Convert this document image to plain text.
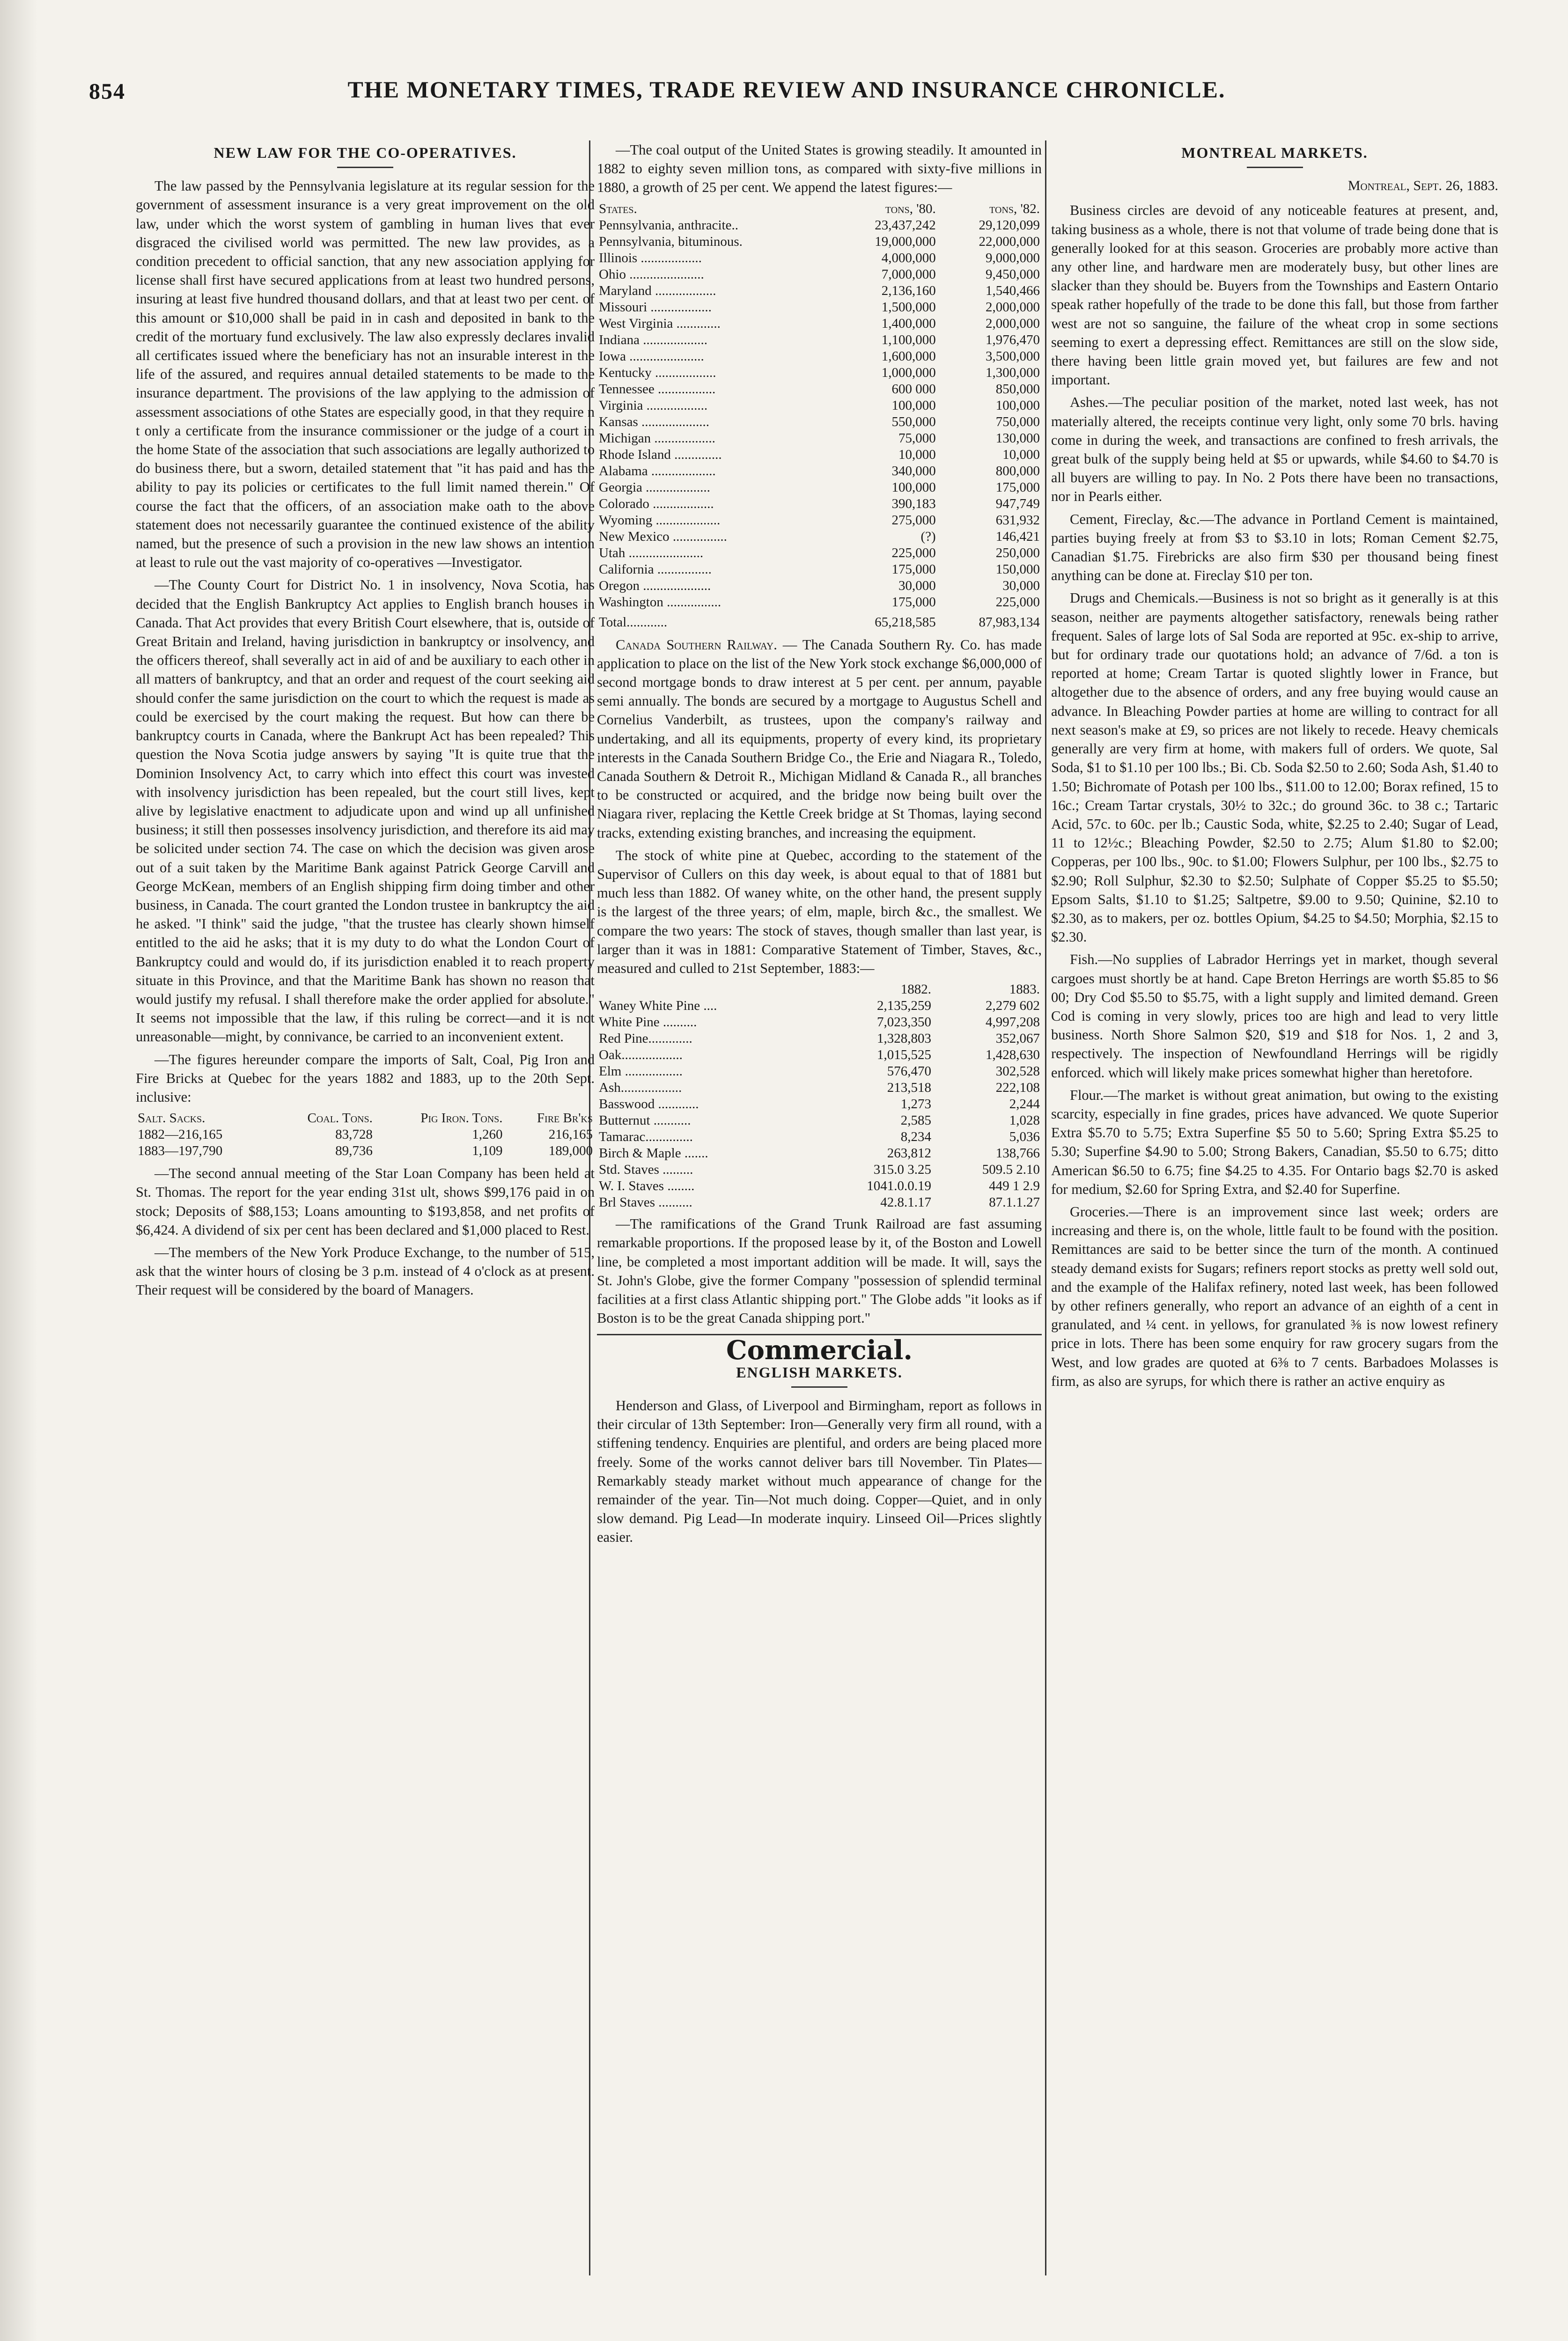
854	THE MONETARY TIMES, TRADE REVIEW AND INSURANCE CHRONICLE.
NEW LAW FOR THE CO-OPERATIVES.

The law passed by the Pennsylvania legislature at its regular session for the government of assessment insurance is a very great improvement on the old law, under which the worst system of gambling in human lives that ever disgraced the civilised world was permitted. The new law provides, as a condition precedent to official sanction, that any new association applying for license shall first have secured applications from at least two hundred persons, insuring at least five hundred thousand dollars, and that at least two per cent. of this amount or $10,000 shall be paid in in cash and deposited in bank to the credit of the mortuary fund exclusively. The law also expressly declares invalid all certificates issued where the beneficiary has not an insurable interest in the life of the assured, and requires annual detailed statements to be made to the insurance department. The provisions of the law applying to the admission of assessment associations of othe States are especially good, in that they require n t only a certificate from the insurance commissioner or the judge of a court in the home State of the association that such associations are legally authorized to do business there, but a sworn, detailed statement that "it has paid and has the ability to pay its policies or certificates to the full limit named therein." Of course the fact that the officers, of an association make oath to the above statement does not necessarily guarantee the continued existence of the ability named, but the presence of such a provision in the new law shows an intention at least to rule out the vast majority of co-operatives —Investigator.

—The County Court for District No. 1 in insolvency, Nova Scotia, has decided that the English Bankruptcy Act applies to English branch houses in Canada. That Act provides that every British Court elsewhere, that is, outside of Great Britain and Ireland, having jurisdiction in bankruptcy or insolvency, and the officers thereof, shall severally act in aid of and be auxiliary to each other in all matters of bankruptcy, and that an order and request of the court seeking aid should confer the same jurisdiction on the court to which the request is made as could be exercised by the court making the request. But how can there be bankruptcy courts in Canada, where the Bankrupt Act has been repealed? This question the Nova Scotia judge answers by saying "It is quite true that the Dominion Insolvency Act, to carry which into effect this court was invested with insolvency jurisdiction has been repealed, but the court still lives, kept alive by legislative enactment to adjudicate upon and wind up all unfinished business; it still then possesses insolvency jurisdiction, and therefore its aid may be solicited under section 74. The case on which the decision was given arose out of a suit taken by the Maritime Bank against Patrick George Carvill and George McKean, members of an English shipping firm doing timber and other business, in Canada. The court granted the London trustee in bankruptcy the aid he asked. "I think" said the judge, "that the trustee has clearly shown himself entitled to the aid he asks; that it is my duty to do what the London Court of Bankruptcy could and would do, if its jurisdiction enabled it to reach property situate in this Province, and that the Maritime Bank has shown no reason that would justify my refusal. I shall therefore make the order applied for absolute." It seems not impossible that the law, if this ruling be correct—and it is not unreasonable—might, by connivance, be carried to an inconvenient extent.

—The figures hereunder compare the imports of Salt, Coal, Pig Iron and Fire Bricks at Quebec for the years 1882 and 1883, up to the 20th Sept. inclusive:

Salt. Sacks.	Coal. Tons.	Pig Iron. Tons.	Fire Br'ks
1882—216,165	83,728	1,260	216,165
1883—197,790	89,736	1,109	189,000

—The second annual meeting of the Star Loan Company has been held at St. Thomas. The report for the year ending 31st ult, shows $99,176 paid in on stock; Deposits of $88,153; Loans amounting to $193,858, and net profits of $6,424. A dividend of six per cent has been declared and $1,000 placed to Rest.

—The members of the New York Produce Exchange, to the number of 515, ask that the winter hours of closing be 3 p.m. instead of 4 o'clock as at present. Their request will be considered by the board of Managers.

—The coal output of the United States is growing steadily. It amounted in 1882 to eighty seven million tons, as compared with sixty-five millions in 1880, a growth of 25 per cent. We append the latest figures:—

States.	tons, '80.	tons, '82.
Pennsylvania, anthracite..	23,437,242	29,120,099
Pennsylvania, bituminous.	19,000,000	22,000,000
Illinois ..................	4,000,000	9,000,000
Ohio ......................	7,000,000	9,450,000
Maryland ..................	2,136,160	1,540,466
Missouri ..................	1,500,000	2,000,000
West Virginia .............	1,400,000	2,000,000
Indiana ...................	1,100,000	1,976,470
Iowa ......................	1,600,000	3,500,000
Kentucky ..................	1,000,000	1,300,000
Tennessee .................	600 000	850,000
Virginia ..................	100,000	100,000
Kansas ....................	550,000	750,000
Michigan ..................	75,000	130,000
Rhode Island ..............	10,000	10,000
Alabama ...................	340,000	800,000
Georgia ...................	100,000	175,000
Colorado ..................	390,183	947,749
Wyoming ...................	275,000	631,932
New Mexico ................	(?)	146,421
Utah ......................	225,000	250,000
California ................	175,000	150,000
Oregon ....................	30,000	30,000
Washington ................	175,000	225,000
Total............	65,218,585	87,983,134

Canada Southern Railway. — The Canada Southern Ry. Co. has made application to place on the list of the New York stock exchange $6,000,000 of second mortgage bonds to draw interest at 5 per cent. per annum, payable semi annually. The bonds are secured by a mortgage to Augustus Schell and Cornelius Vanderbilt, as trustees, upon the company's railway and undertaking, and all its equipments, property of every kind, its proprietary interests in the Canada Southern Bridge Co., the Erie and Niagara R., Toledo, Canada Southern & Detroit R., Michigan Midland & Canada R., all branches to be constructed or acquired, and the bridge now being built over the Niagara river, replacing the Kettle Creek bridge at St Thomas, laying second tracks, extending existing branches, and increasing the equipment.

The stock of white pine at Quebec, according to the statement of the Supervisor of Cullers on this day week, is about equal to that of 1881 but much less than 1882. Of waney white, on the other hand, the present supply is the largest of the three years; of elm, maple, birch &c., the smallest. We compare the two years: The stock of staves, though smaller than last year, is larger than it was in 1881: Comparative Statement of Timber, Staves, &c., measured and culled to 21st September, 1883:—

	1882.	1883.
Waney White Pine ....	2,135,259	2,279 602
White Pine ..........	7,023,350	4,997,208
Red Pine.............	1,328,803	352,067
Oak..................	1,015,525	1,428,630
Elm .................	576,470	302,528
Ash..................	213,518	222,108
Basswood ............	1,273	2,244
Butternut ...........	2,585	1,028
Tamarac..............	8,234	5,036
Birch & Maple .......	263,812	138,766
Std. Staves .........	315.0 3.25	509.5 2.10
W. I. Staves ........	1041.0.0.19	449 1 2.9
Brl Staves ..........	42.8.1.17	87.1.1.27

—The ramifications of the Grand Trunk Railroad are fast assuming remarkable proportions. If the proposed lease by it, of the Boston and Lowell line, be completed a most important addition will be made. It will, says the St. John's Globe, give the former Company "possession of splendid terminal facilities at a first class Atlantic shipping port." The Globe adds "it looks as if Boston is to be the great Canada shipping port."

Commercial.
ENGLISH MARKETS.

Henderson and Glass, of Liverpool and Birmingham, report as follows in their circular of 13th September: Iron—Generally very firm all round, with a stiffening tendency. Enquiries are plentiful, and orders are being placed more freely. Some of the works cannot deliver bars till November. Tin Plates—Remarkably steady market without much appearance of change for the remainder of the year. Tin—Not much doing. Copper—Quiet, and in only slow demand. Pig Lead—In moderate inquiry. Linseed Oil—Prices slightly easier.

MONTREAL MARKETS.
Montreal, Sept. 26, 1883.

Business circles are devoid of any noticeable features at present, and, taking business as a whole, there is not that volume of trade being done that is generally looked for at this season. Groceries are probably more active than any other line, and hardware men are moderately busy, but other lines are slacker than they should be. Buyers from the Townships and Eastern Ontario speak rather hopefully of the trade to be done this fall, but those from farther west are not so sanguine, the failure of the wheat crop in some sections seeming to exert a depressing effect. Remittances are still on the slow side, there having been little grain moved yet, but failures are few and not important.

Ashes.—The peculiar position of the market, noted last week, has not materially altered, the receipts continue very light, only some 70 brls. having come in during the week, and transactions are confined to fresh arrivals, the great bulk of the supply being held at $5 or upwards, while $4.60 to $4.70 is all buyers are willing to pay. In No. 2 Pots there have been no transactions, nor in Pearls either.

Cement, Fireclay, &c.—The advance in Portland Cement is maintained, parties buying freely at from $3 to $3.10 in lots; Roman Cement $2.75, Canadian $1.75. Firebricks are also firm $30 per thousand being finest anything can be done at. Fireclay $10 per ton.

Drugs and Chemicals.—Business is not so bright as it generally is at this season, neither are payments altogether satisfactory, renewals being rather frequent. Sales of large lots of Sal Soda are reported at 95c. ex-ship to arrive, but for ordinary trade our quotations hold; an advance of 7/6d. a ton is reported at home; Cream Tartar is quoted slightly lower in France, but altogether due to the absence of orders, and any free buying would cause an advance. In Bleaching Powder parties at home are willing to contract for all next season's make at £9, so prices are not likely to recede. Heavy chemicals generally are very firm at home, with makers full of orders. We quote, Sal Soda, $1 to $1.10 per 100 lbs.; Bi. Cb. Soda $2.50 to 2.60; Soda Ash, $1.40 to 1.50; Bichromate of Potash per 100 lbs., $11.00 to 12.00; Borax refined, 15 to 16c.; Cream Tartar crystals, 30½ to 32c.; do ground 36c. to 38 c.; Tartaric Acid, 57c. to 60c. per lb.; Caustic Soda, white, $2.25 to 2.40; Sugar of Lead, 11 to 12½c.; Bleaching Powder, $2.50 to 2.75; Alum $1.80 to $2.00; Copperas, per 100 lbs., 90c. to $1.00; Flowers Sulphur, per 100 lbs., $2.75 to $2.90; Roll Sulphur, $2.30 to $2.50; Sulphate of Copper $5.25 to $5.50; Epsom Salts, $1.10 to $1.25; Saltpetre, $9.00 to 9.50; Quinine, $2.10 to $2.30, as to makers, per oz. bottles Opium, $4.25 to $4.50; Morphia, $2.15 to $2.30.

Fish.—No supplies of Labrador Herrings yet in market, though several cargoes must shortly be at hand. Cape Breton Herrings are worth $5.85 to $6 00; Dry Cod $5.50 to $5.75, with a light supply and limited demand. Green Cod is coming in very slowly, prices too are high and lead to very little business. North Shore Salmon $20, $19 and $18 for Nos. 1, 2 and 3, respectively. The inspection of Newfoundland Herrings will be rigidly enforced. which will likely make prices somewhat higher than heretofore.

Flour.—The market is without great animation, but owing to the existing scarcity, especially in fine grades, prices have advanced. We quote Superior Extra $5.70 to 5.75; Extra Superfine $5 50 to 5.60; Spring Extra $5.25 to 5.30; Superfine $4.90 to 5.00; Strong Bakers, Canadian, $5.50 to 6.75; ditto American $6.50 to 6.75; fine $4.25 to 4.35. For Ontario bags $2.70 is asked for medium, $2.60 for Spring Extra, and $2.40 for Superfine.

Groceries.—There is an improvement since last week; orders are increasing and there is, on the whole, little fault to be found with the position. Remittances are said to be better since the turn of the month. A continued steady demand exists for Sugars; refiners report stocks as pretty well sold out, and the example of the Halifax refinery, noted last week, has been followed by other refiners generally, who report an advance of an eighth of a cent in granulated, and ¼ cent. in yellows, for granulated ⅜ is now lowest refinery price in lots. There has been some enquiry for raw grocery sugars from the West, and low grades are quoted at 6⅜ to 7 cents. Barbadoes Molasses is firm, as also are syrups, for which there is rather an active enquiry as
